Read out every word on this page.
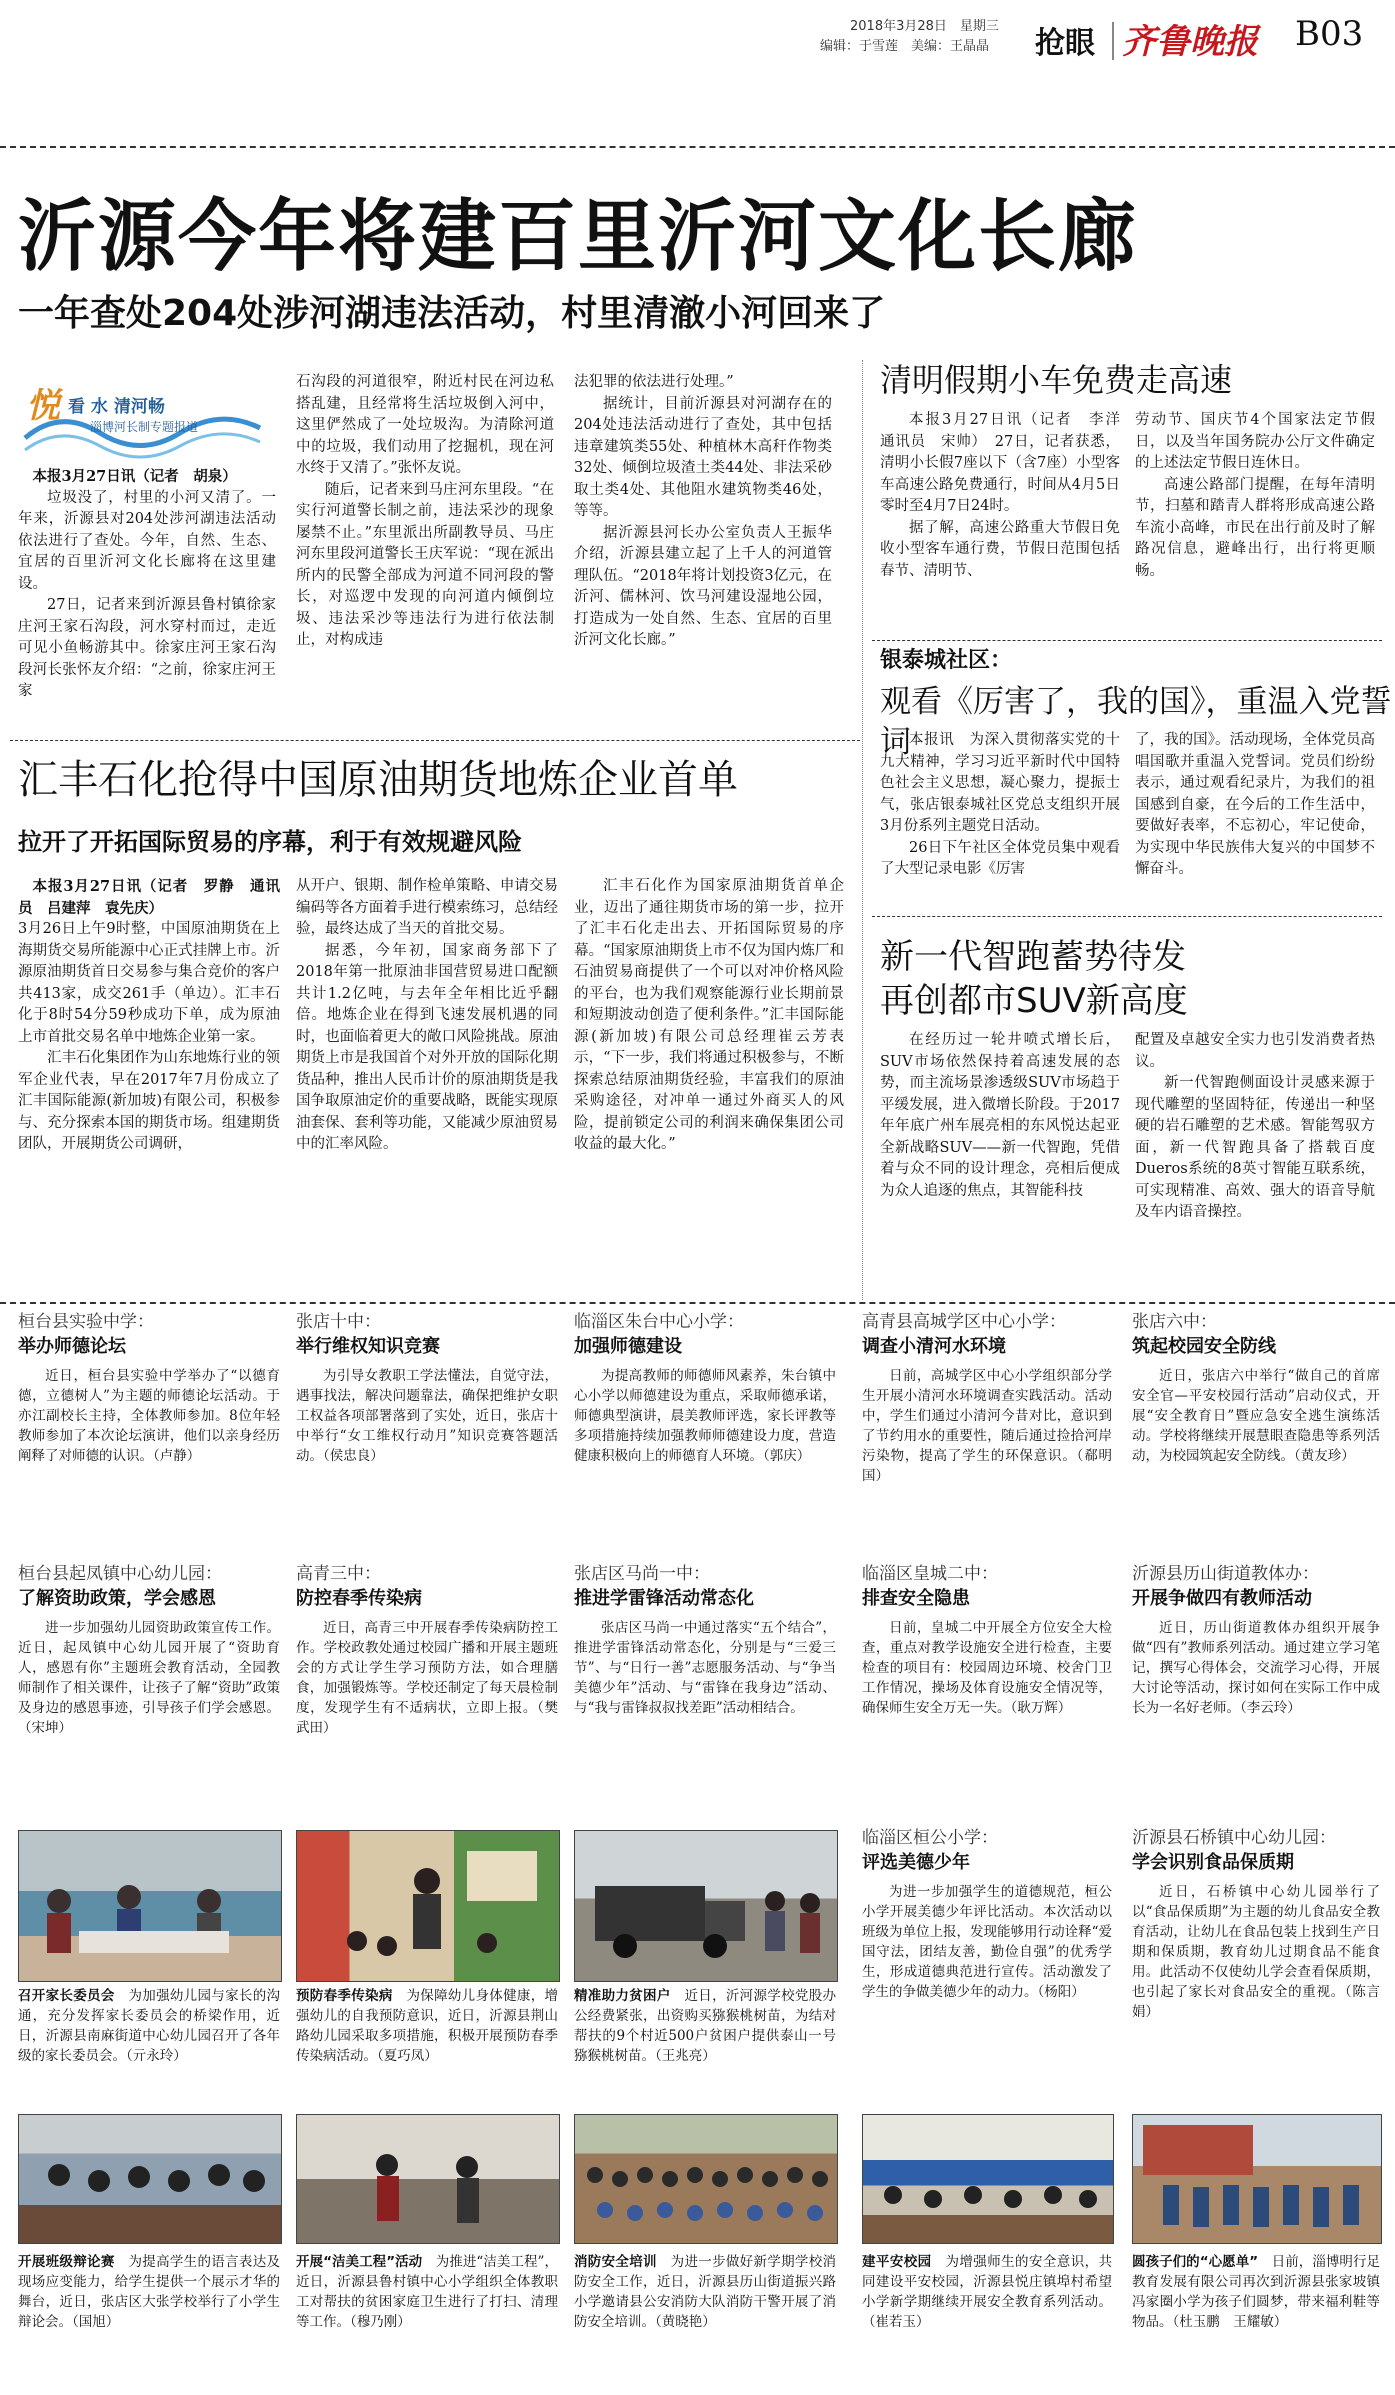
2018年3月28日　星期三
编辑：于雪莲　美编：王晶晶 抢眼 齐鲁晚报 B03
沂源今年将建百里沂河文化长廊
一年查处204处涉河湖违法活动，村里清澈小河回来了
悦 看 水 清河畅
淄博河长制专题报道

本报3月27日讯（记者　胡泉）

垃圾没了，村里的小河又清了。一年来，沂源县对204处涉河湖违法活动依法进行了查处。今年，自然、生态、宜居的百里沂河文化长廊将在这里建设。

27日，记者来到沂源县鲁村镇徐家庄河王家石沟段，河水穿村而过，走近可见小鱼畅游其中。徐家庄河王家石沟段河长张怀友介绍：“之前，徐家庄河王家

石沟段的河道很窄，附近村民在河边私搭乱建，且经常将生活垃圾倒入河中，这里俨然成了一处垃圾沟。为清除河道中的垃圾，我们动用了挖掘机，现在河水终于又清了。”张怀友说。

随后，记者来到马庄河东里段。“在实行河道警长制之前，违法采沙的现象屡禁不止。”东里派出所副教导员、马庄河东里段河道警长王庆军说：“现在派出所内的民警全部成为河道不同河段的警长，对巡逻中发现的向河道内倾倒垃圾、违法采沙等违法行为进行依法制止，对构成违

法犯罪的依法进行处理。”

据统计，目前沂源县对河湖存在的204处违法活动进行了查处，其中包括违章建筑类55处、种植林木高秆作物类32处、倾倒垃圾渣土类44处、非法采砂取土类4处、其他阻水建筑物类46处，等等。

据沂源县河长办公室负责人王振华介绍，沂源县建立起了上千人的河道管理队伍。“2018年将计划投资3亿元，在沂河、儒林河、饮马河建设湿地公园，打造成为一处自然、生态、宜居的百里沂河文化长廊。”

清明假期小车免费走高速

本报3月27日讯（记者　李洋　通讯员　宋帅）　27日，记者获悉，清明小长假7座以下（含7座）小型客车高速公路免费通行，时间从4月5日零时至4月7日24时。

据了解，高速公路重大节假日免收小型客车通行费，节假日范围包括春节、清明节、

劳动节、国庆节4个国家法定节假日，以及当年国务院办公厅文件确定的上述法定节假日连休日。

高速公路部门提醒，在每年清明节，扫墓和踏青人群将形成高速公路车流小高峰，市民在出行前及时了解路况信息，避峰出行，出行将更顺畅。

银泰城社区：
观看《厉害了，我的国》，重温入党誓词

本报讯　为深入贯彻落实党的十九大精神，学习习近平新时代中国特色社会主义思想，凝心聚力，提振士气，张店银泰城社区党总支组织开展3月份系列主题党日活动。

26日下午社区全体党员集中观看了大型记录电影《厉害

了，我的国》。活动现场，全体党员高唱国歌并重温入党誓词。党员们纷纷表示，通过观看纪录片，为我们的祖国感到自豪，在今后的工作生活中，要做好表率，不忘初心，牢记使命，为实现中华民族伟大复兴的中国梦不懈奋斗。

新一代智跑蓄势待发
再创都市SUV新高度

在经历过一轮井喷式增长后，SUV市场依然保持着高速发展的态势，而主流场景渗透级SUV市场趋于平缓发展，进入微增长阶段。于2017年年底广州车展亮相的东风悦达起亚全新战略SUV——新一代智跑，凭借着与众不同的设计理念，亮相后便成为众人追逐的焦点，其智能科技

配置及卓越安全实力也引发消费者热议。

新一代智跑侧面设计灵感来源于现代雕塑的坚固特征，传递出一种坚硬的岩石雕塑的艺术感。智能驾驭方面，新一代智跑具备了搭载百度Dueros系统的8英寸智能互联系统，可实现精准、高效、强大的语音导航及车内语音操控。

汇丰石化抢得中国原油期货地炼企业首单
拉开了开拓国际贸易的序幕，利于有效规避风险

本报3月27日讯（记者　罗静　通讯员　吕建萍　袁先庆）

3月26日上午9时整，中国原油期货在上海期货交易所能源中心正式挂牌上市。沂源原油期货首日交易参与集合竞价的客户共413家，成交261手（单边）。汇丰石化于8时54分59秒成功下单，成为原油上市首批交易名单中地炼企业第一家。

汇丰石化集团作为山东地炼行业的领军企业代表，早在2017年7月份成立了汇丰国际能源(新加坡)有限公司，积极参与、充分探索本国的期货市场。组建期货团队，开展期货公司调研，

从开户、银期、制作检单策略、申请交易编码等各方面着手进行模索练习，总结经验，最终达成了当天的首批交易。

据悉，今年初，国家商务部下了2018年第一批原油非国营贸易进口配额共计1.2亿吨，与去年全年相比近乎翻倍。地炼企业在得到飞速发展机遇的同时，也面临着更大的敞口风险挑战。原油期货上市是我国首个对外开放的国际化期货品种，推出人民币计价的原油期货是我国争取原油定价的重要战略，既能实现原油套保、套利等功能，又能减少原油贸易中的汇率风险。

汇丰石化作为国家原油期货首单企业，迈出了通往期货市场的第一步，拉开了汇丰石化走出去、开拓国际贸易的序幕。“国家原油期货上市不仅为国内炼厂和石油贸易商提供了一个可以对冲价格风险的平台，也为我们观察能源行业长期前景和短期波动创造了便利条件。”汇丰国际能源(新加坡)有限公司总经理崔云芳表示，“下一步，我们将通过积极参与，不断探索总结原油期货经验，丰富我们的原油采购途径，对冲单一通过外商买人的风险，提前锁定公司的利润来确保集团公司收益的最大化。”

桓台县实验中学：
举办师德论坛

近日，桓台县实验中学举办了“以德育德，立德树人”为主题的师德论坛活动。于亦江副校长主持，全体教师参加。8位年轻教师参加了本次论坛演讲，他们以亲身经历阐释了对师德的认识。（卢静）

张店十中：
举行维权知识竞赛

为引导女教职工学法懂法，自觉守法，遇事找法，解决问题靠法，确保把维护女职工权益各项部署落到了实处，近日，张店十中举行“女工维权行动月”知识竞赛答题活动。（侯忠良）

临淄区朱台中心小学：
加强师德建设

为提高教师的师德师风素养，朱台镇中心小学以师德建设为重点，采取师德承诺，师德典型演讲，晨美教师评选，家长评教等多项措施持续加强教师师德建设力度，营造健康积极向上的师德育人环境。（郭庆）

高青县高城学区中心小学：
调查小清河水环境

日前，高城学区中心小学组织部分学生开展小清河水环境调查实践活动。活动中，学生们通过小清河今昔对比，意识到了节约用水的重要性，随后通过捡拾河岸污染物，提高了学生的环保意识。（郗明国）

张店六中：
筑起校园安全防线

近日，张店六中举行“做自己的首席安全官—平安校园行活动”启动仪式，开展“安全教育日”暨应急安全逃生演练活动。学校将继续开展慧眼查隐患等系列活动，为校园筑起安全防线。（黄友珍）

桓台县起凤镇中心幼儿园：
了解资助政策，学会感恩

进一步加强幼儿园资助政策宣传工作。近日，起凤镇中心幼儿园开展了“资助育人，感恩有你”主题班会教育活动，全园教师制作了相关课件，让孩子了解“资助”政策及身边的感恩事迹，引导孩子们学会感恩。（宋坤）

高青三中：
防控春季传染病

近日，高青三中开展春季传染病防控工作。学校政教处通过校园广播和开展主题班会的方式让学生学习预防方法，如合理膳食，加强锻炼等。学校还制定了每天晨检制度，发现学生有不适病状，立即上报。（樊武田）

张店区马尚一中：
推进学雷锋活动常态化

张店区马尚一中通过落实“五个结合”，推进学雷锋活动常态化，分别是与“三爱三节”、与“日行一善”志愿服务活动、与“争当美德少年”活动、与“雷锋在我身边”活动、与“我与雷锋叔叔找差距”活动相结合。

临淄区皇城二中：
排查安全隐患

日前，皇城二中开展全方位安全大检查，重点对教学设施安全进行检查，主要检查的项目有：校园周边环境、校舍门卫工作情况，操场及体育设施安全情况等，确保师生安全万无一失。（耿万辉）

沂源县历山街道教体办：
开展争做四有教师活动

近日，历山街道教体办组织开展争做“四有”教师系列活动。通过建立学习笔记，撰写心得体会，交流学习心得，开展大讨论等活动，探讨如何在实际工作中成长为一名好老师。（李云玲）

临淄区桓公小学：
评选美德少年

为进一步加强学生的道德规范，桓公小学开展美德少年评比活动。本次活动以班级为单位上报，发现能够用行动诠释“爱国守法，团结友善，勤俭自强”的优秀学生，形成道德典范进行宣传。活动激发了学生的争做美德少年的动力。（杨阳）

沂源县石桥镇中心幼儿园：
学会识别食品保质期

近日，石桥镇中心幼儿园举行了以“食品保质期”为主题的幼儿食品安全教育活动，让幼儿在食品包装上找到生产日期和保质期，教育幼儿过期食品不能食用。此活动不仅使幼儿学会查看保质期，也引起了家长对食品安全的重视。（陈言娟）

召开家长委员会　 为加强幼儿园与家长的沟通，充分发挥家长委员会的桥梁作用，近日，沂源县南麻街道中心幼儿园召开了各年级的家长委员会。（亓永玲）
预防春季传染病　 为保障幼儿身体健康，增强幼儿的自我预防意识，近日，沂源县荆山路幼儿园采取多项措施，积极开展预防春季传染病活动。（夏巧凤）
精准助力贫困户　 近日，沂河源学校党股办公经费紧张，出资购买猕猴桃树苗，为结对帮扶的9个村近500户贫困户提供泰山一号猕猴桃树苗。（王兆亮）
开展班级辩论赛　 为提高学生的语言表达及现场应变能力，给学生提供一个展示才华的舞台，近日，张店区大张学校举行了小学生辩论会。（国旭）
开展“洁美工程”活动　 为推进“洁美工程”，近日，沂源县鲁村镇中心小学组织全体教职工对帮扶的贫困家庭卫生进行了打扫、清理等工作。（穆乃刚）
消防安全培训　 为进一步做好新学期学校消防安全工作，近日，沂源县历山街道振兴路小学邀请县公安消防大队消防干警开展了消防安全培训。（黄晓艳）
建平安校园　 为增强师生的安全意识，共同建设平安校园，沂源县悦庄镇埠村希望小学新学期继续开展安全教育系列活动。（崔若玉）
圆孩子们的“心愿单”　 日前，淄博明行足教育发展有限公司再次到沂源县张家坡镇冯家圈小学为孩子们圆梦，带来福利鞋等物品。（杜玉鹏　王耀敏）
